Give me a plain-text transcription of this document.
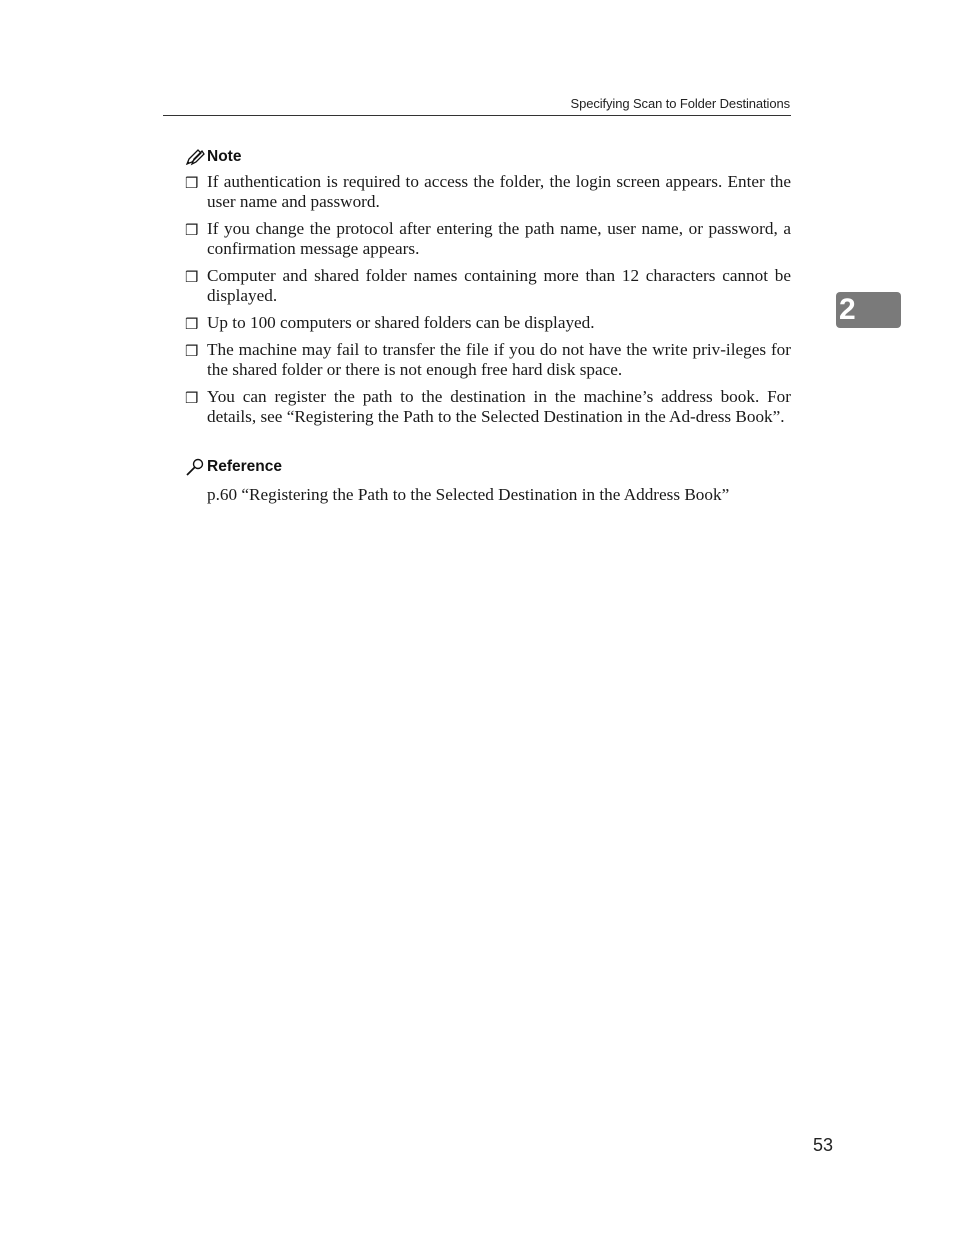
Specifying Scan to Folder Destinations
Note
❒ If authentication is required to access the folder, the login screen appears. Enter the user name and password.
❒ If you change the protocol after entering the path name, user name, or password, a confirmation message appears.
❒ Computer and shared folder names containing more than 12 characters cannot be displayed.
❒ Up to 100 computers or shared folders can be displayed.
❒ The machine may fail to transfer the file if you do not have the write priv-ileges for the shared folder or there is not enough free hard disk space.
❒ You can register the path to the destination in the machine’s address book. For details, see “Registering the Path to the Selected Destination in the Ad-dress Book”.
Reference
p.60 “Registering the Path to the Selected Destination in the Address Book”
2
53
